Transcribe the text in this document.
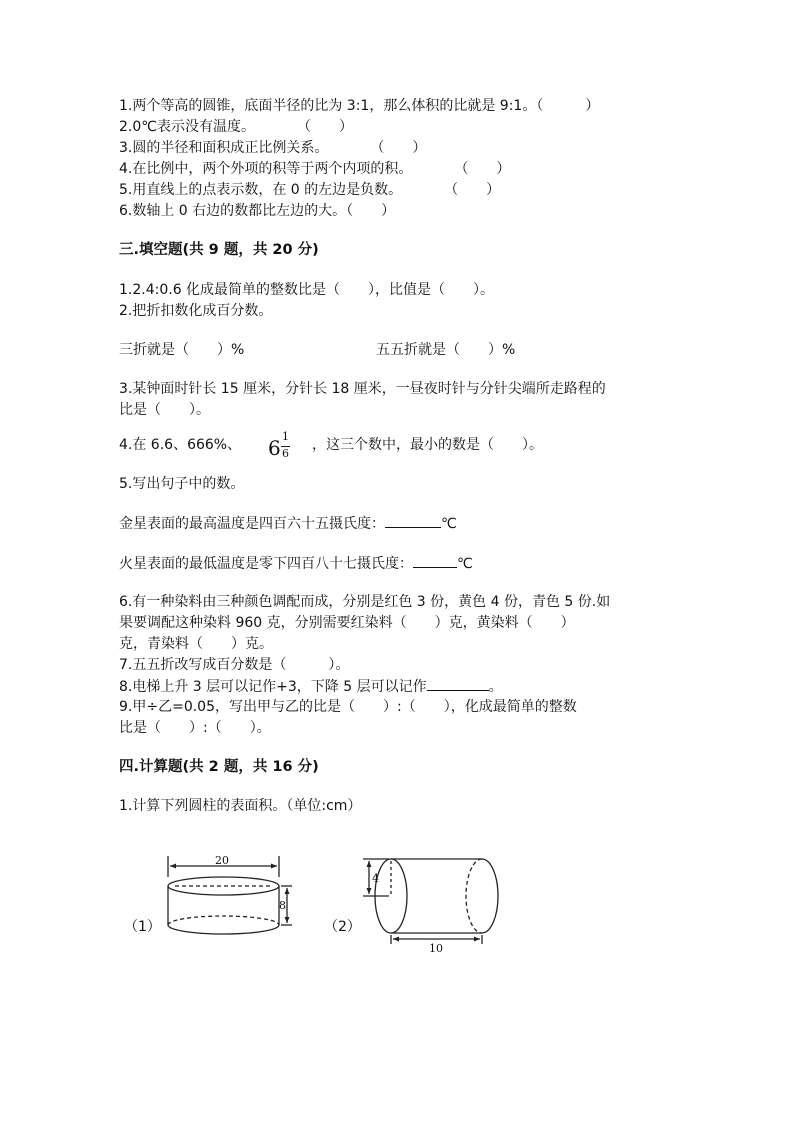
1.两个等高的圆锥，底面半径的比为 3:1，那么体积的比就是 9:1。（　　　）
2.0℃表示没有温度。　　　　（　　）
3.圆的半径和面积成正比例关系。　　　　（　　）
4.在比例中，两个外项的积等于两个内项的积。　　　　（　　）
5.用直线上的点表示数，在 0 的左边是负数。　　　　（　　）
6.数轴上 0 右边的数都比左边的大。（　　）
三.填空题(共 9 题，共 20 分)
1.2.4:0.6 化成最简单的整数比是（　　），比值是（　　）。
2.把折扣数化成百分数。
三折就是（　　）%	五五折就是（　　）%
3.某钟面时针长 15 厘米，分针长 18 厘米，一昼夜时针与分针尖端所走路程的
比是（　　）。
4.在 6.6、666%、 6 1
6
，这三个数中，最小的数是（　　）。
5.写出句子中的数。
金星表面的最高温度是四百六十五摄氏度：	℃
火星表面的最低温度是零下四百八十七摄氏度：	℃
6.有一种染料由三种颜色调配而成，分别是红色 3 份，黄色 4 份，青色 5 份.如
果要调配这种染料 960 克，分别需要红染料（　　）克，黄染料（　　）
克，青染料（　　）克。
7.五五折改写成百分数是（　　　）。
8.电梯上升 3 层可以记作+3，下降 5 层可以记作	。
9.甲÷乙=0.05，写出甲与乙的比是（　　）:（　　），化成最简单的整数
比是（　　）:（　　）。
四.计算题(共 2 题，共 16 分)
1.计算下列圆柱的表面积。（单位:cm）
（1）	（2）
20
8
4
10
